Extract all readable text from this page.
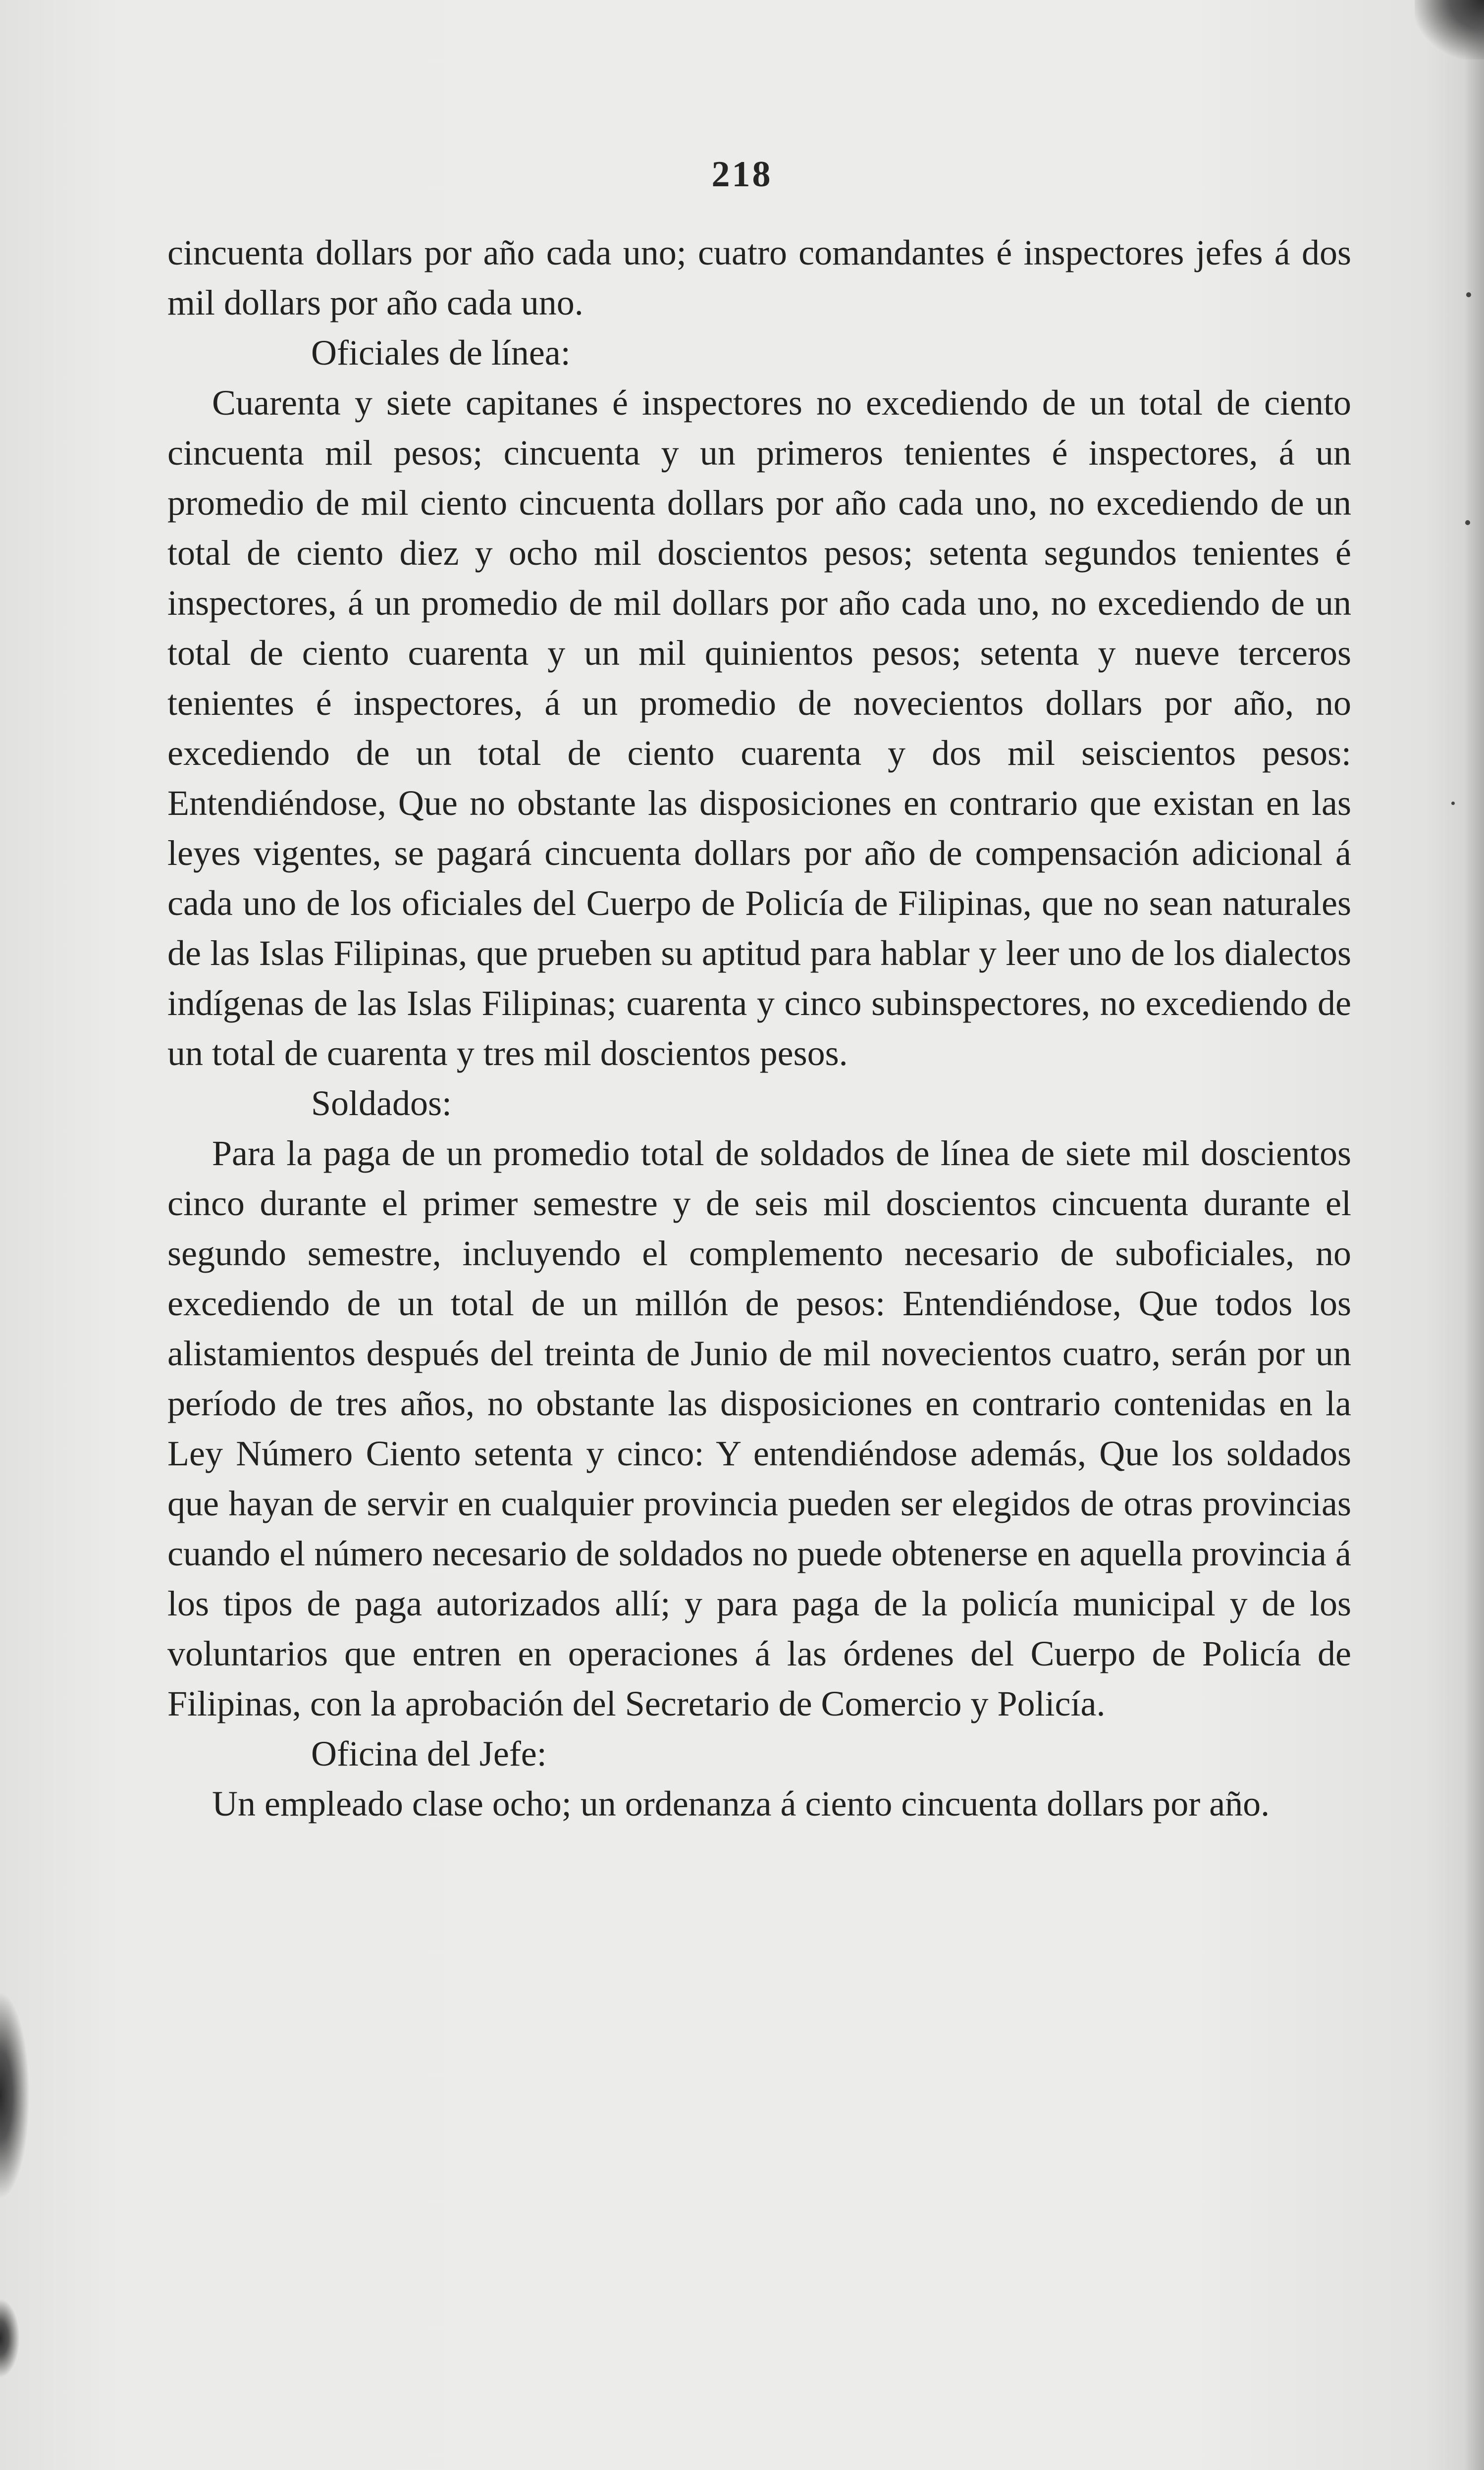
218

cincuenta dollars por año cada uno; cuatro comandantes é inspectores jefes á dos mil dollars por año cada uno.

Oficiales de línea:

Cuarenta y siete capitanes é inspectores no excediendo de un total de ciento cincuenta mil pesos; cincuenta y un primeros tenientes é inspectores, á un promedio de mil ciento cincuenta dollars por año cada uno, no excediendo de un total de ciento diez y ocho mil doscientos pesos; setenta segundos tenientes é inspectores, á un promedio de mil dollars por año cada uno, no excediendo de un total de ciento cuarenta y un mil quinientos pesos; setenta y nueve terceros tenientes é inspectores, á un promedio de novecientos dollars por año, no excediendo de un total de ciento cuarenta y dos mil seiscientos pesos: Entendiéndose, Que no obstante las disposiciones en contrario que existan en las leyes vigentes, se pagará cincuenta dollars por año de compensación adicional á cada uno de los oficiales del Cuerpo de Policía de Filipinas, que no sean naturales de las Islas Filipinas, que prueben su aptitud para hablar y leer uno de los dialectos indígenas de las Islas Filipinas; cuarenta y cinco subinspectores, no excediendo de un total de cuarenta y tres mil doscientos pesos.

Soldados:

Para la paga de un promedio total de soldados de línea de siete mil doscientos cinco durante el primer semestre y de seis mil doscientos cincuenta durante el segundo semestre, incluyendo el complemento necesario de suboficiales, no excediendo de un total de un millón de pesos: Entendiéndose, Que todos los alistamientos después del treinta de Junio de mil novecientos cuatro, serán por un período de tres años, no obstante las disposiciones en contrario contenidas en la Ley Número Ciento setenta y cinco: Y entendiéndose además, Que los soldados que hayan de servir en cualquier provincia pueden ser elegidos de otras provincias cuando el número necesario de soldados no puede obtenerse en aquella provincia á los tipos de paga autorizados allí; y para paga de la policía municipal y de los voluntarios que entren en operaciones á las órdenes del Cuerpo de Policía de Filipinas, con la aprobación del Secretario de Comercio y Policía.

Oficina del Jefe:

Un empleado clase ocho; un ordenanza á ciento cincuenta dollars por año.
